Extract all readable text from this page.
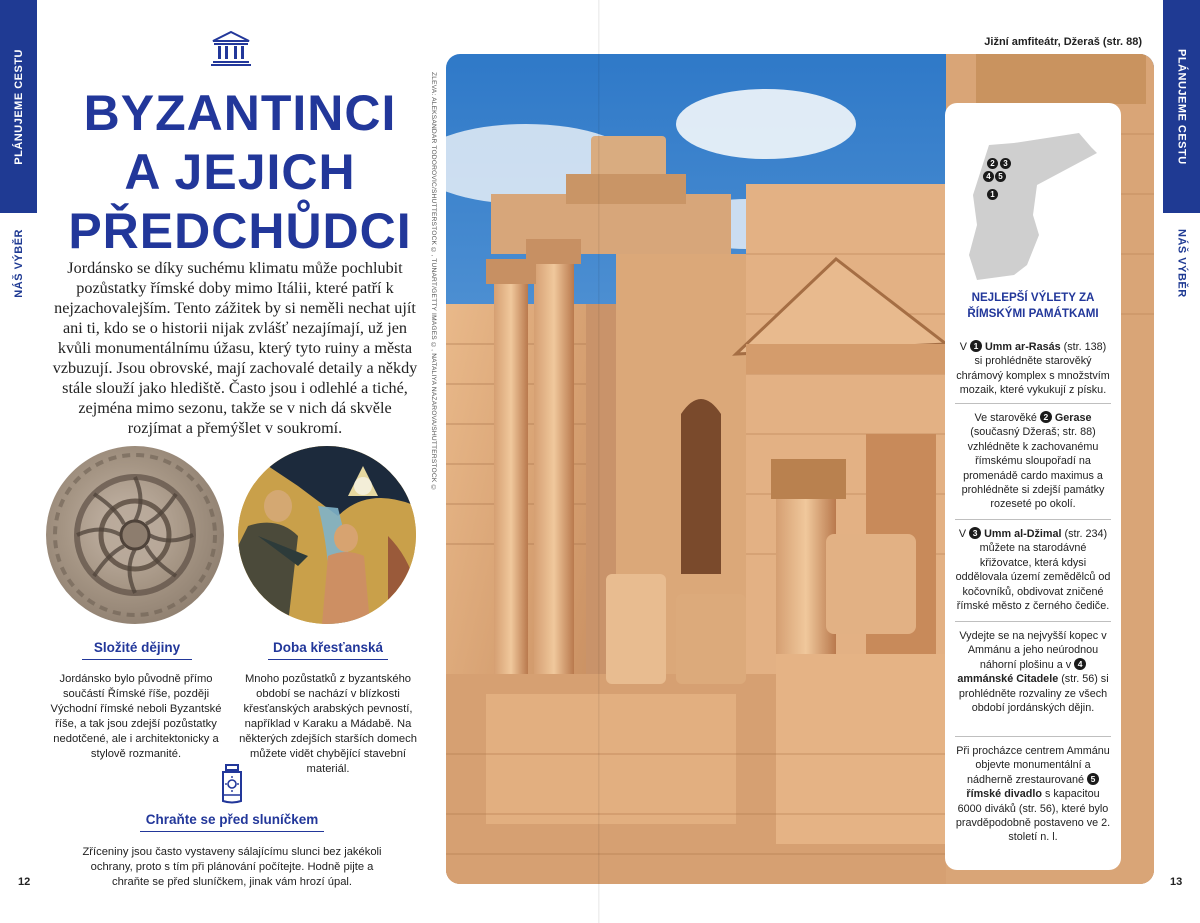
PLÁNUJEME CESTU
NÁŠ VÝBĚR
BYZANTINCI
A JEJICH
PŘEDCHŮDCI
Jordánsko se díky suchému klimatu může pochlubit pozůstatky římské doby mimo Itálii, které patří k nejzachovalejším. Tento zážitek by si neměli nechat ujít ani ti, kdo se o historii nijak zvlášť nezajímají, už jen kvůli monumentálnímu úžasu, který tyto ruiny a města vzbuzují. Jsou obrovské, mají zachovalé detaily a někdy stále slouží jako hlediště. Často jsou i odlehlé a tiché, zejména mimo sezonu, takže se v nich dá skvěle rozjímat a přemýšlet v soukromí.
Složité dějiny
Jordánsko bylo původně přímo součástí Římské říše, později Východní římské neboli Byzantské říše, a tak jsou zdejší pozůstatky nedotčené, ale i architektonicky a stylově rozmanité.
Doba křesťanská
Mnoho pozůstatků z byzantského období se nachází v blízkosti křesťanských arabských pevností, například v Karaku a Mádabě. Na některých zdejších starších domech můžete vidět chybějící stavební materiál.
Chraňte se před sluníčkem
Zříceniny jsou často vystaveny sálajícímu slunci bez jakékoli ochrany, proto s tím při plánování počítejte. Hodně pijte a chraňte se před sluníčkem, jinak vám hrozí úpal.
12
ZLEVA: ALEKSANDAR TODOROVIC/SHUTTERSTOCK ©, TUNART/GETTY IMAGES ©, NATALIYA NAZAROVA/SHUTTERSTOCK ©
Jižní amfiteátr, Džeraš (str. 88)
PLÁNUJEME CESTU
NÁŠ VÝBĚR
2	3
4 5
1
NEJLEPŠÍ VÝLETY ZA
ŘÍMSKÝMI PAMÁTKAMI
V 1 Umm ar-Rasás (str. 138) si prohlédněte starověký chrámový komplex s množstvím mozaik, které vykukují z písku.
Ve starověké 2 Gerase (současný Džeraš; str. 88) vzhlédněte k zachovanému římskému sloupořadí na promenádě cardo maximus a prohlédněte si zdejší památky rozeseté po okolí.
V 3 Umm al-Džimal (str. 234) můžete na starodávné křižovatce, která kdysi oddělovala území zemědělců od kočovníků, obdivovat zničené římské město z černého čediče.
Vydejte se na nejvyšší kopec v Ammánu a jeho neúrodnou náhorní plošinu a v 4 ammánské Citadele (str. 56) si prohlédněte rozvaliny ze všech období jordánských dějin.
Při procházce centrem Ammánu objevte monumentální a nádherně zrestaurované 5 římské divadlo s kapacitou 6000 diváků (str. 56), které bylo pravděpodobně postaveno ve 2. století n. l.
13
